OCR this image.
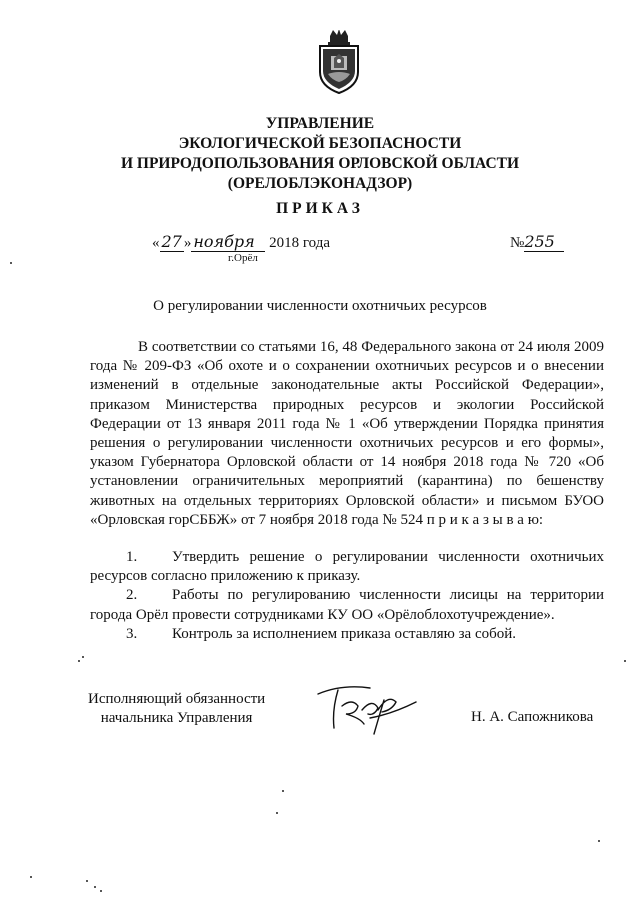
УПРАВЛЕНИЕ
ЭКОЛОГИЧЕСКОЙ БЕЗОПАСНОСТИ
И ПРИРОДОПОЛЬЗОВАНИЯ ОРЛОВСКОЙ ОБЛАСТИ
(ОРЕЛОБЛЭКОНАДЗОР)
ПРИКАЗ
« 27 » ноября 2018 года
г.Орёл
№255
О регулировании численности охотничьих ресурсов

В соответствии со статьями 16, 48 Федерального закона от 24 июля 2009 года № 209-ФЗ «Об охоте и о сохранении охотничьих ресурсов и о внесении изменений в отдельные законодательные акты Российской Федерации», приказом Министерства природных ресурсов и экологии Российской Федерации от 13 января 2011 года № 1 «Об утверждении Порядка принятия решения о регулировании численности охотничьих ресурсов и его формы», указом Губернатора Орловской области от 14 ноября 2018 года № 720 «Об установлении ограничительных мероприятий (карантина) по бешенству животных на отдельных территориях Орловской области» и письмом БУОО «Орловская горСББЖ» от 7 ноября 2018 года № 524 п р и к а з ы в а ю:

1. Утвердить решение о регулировании численности охотничьих ресурсов согласно приложению к приказу.

2. Работы по регулированию численности лисицы на территории города Орёл провести сотрудниками КУ ОО «Орёлоблохотучреждение».

3. Контроль за исполнением приказа оставляю за собой.

Исполняющий обязанности
начальника Управления	Н. А. Сапожникова
